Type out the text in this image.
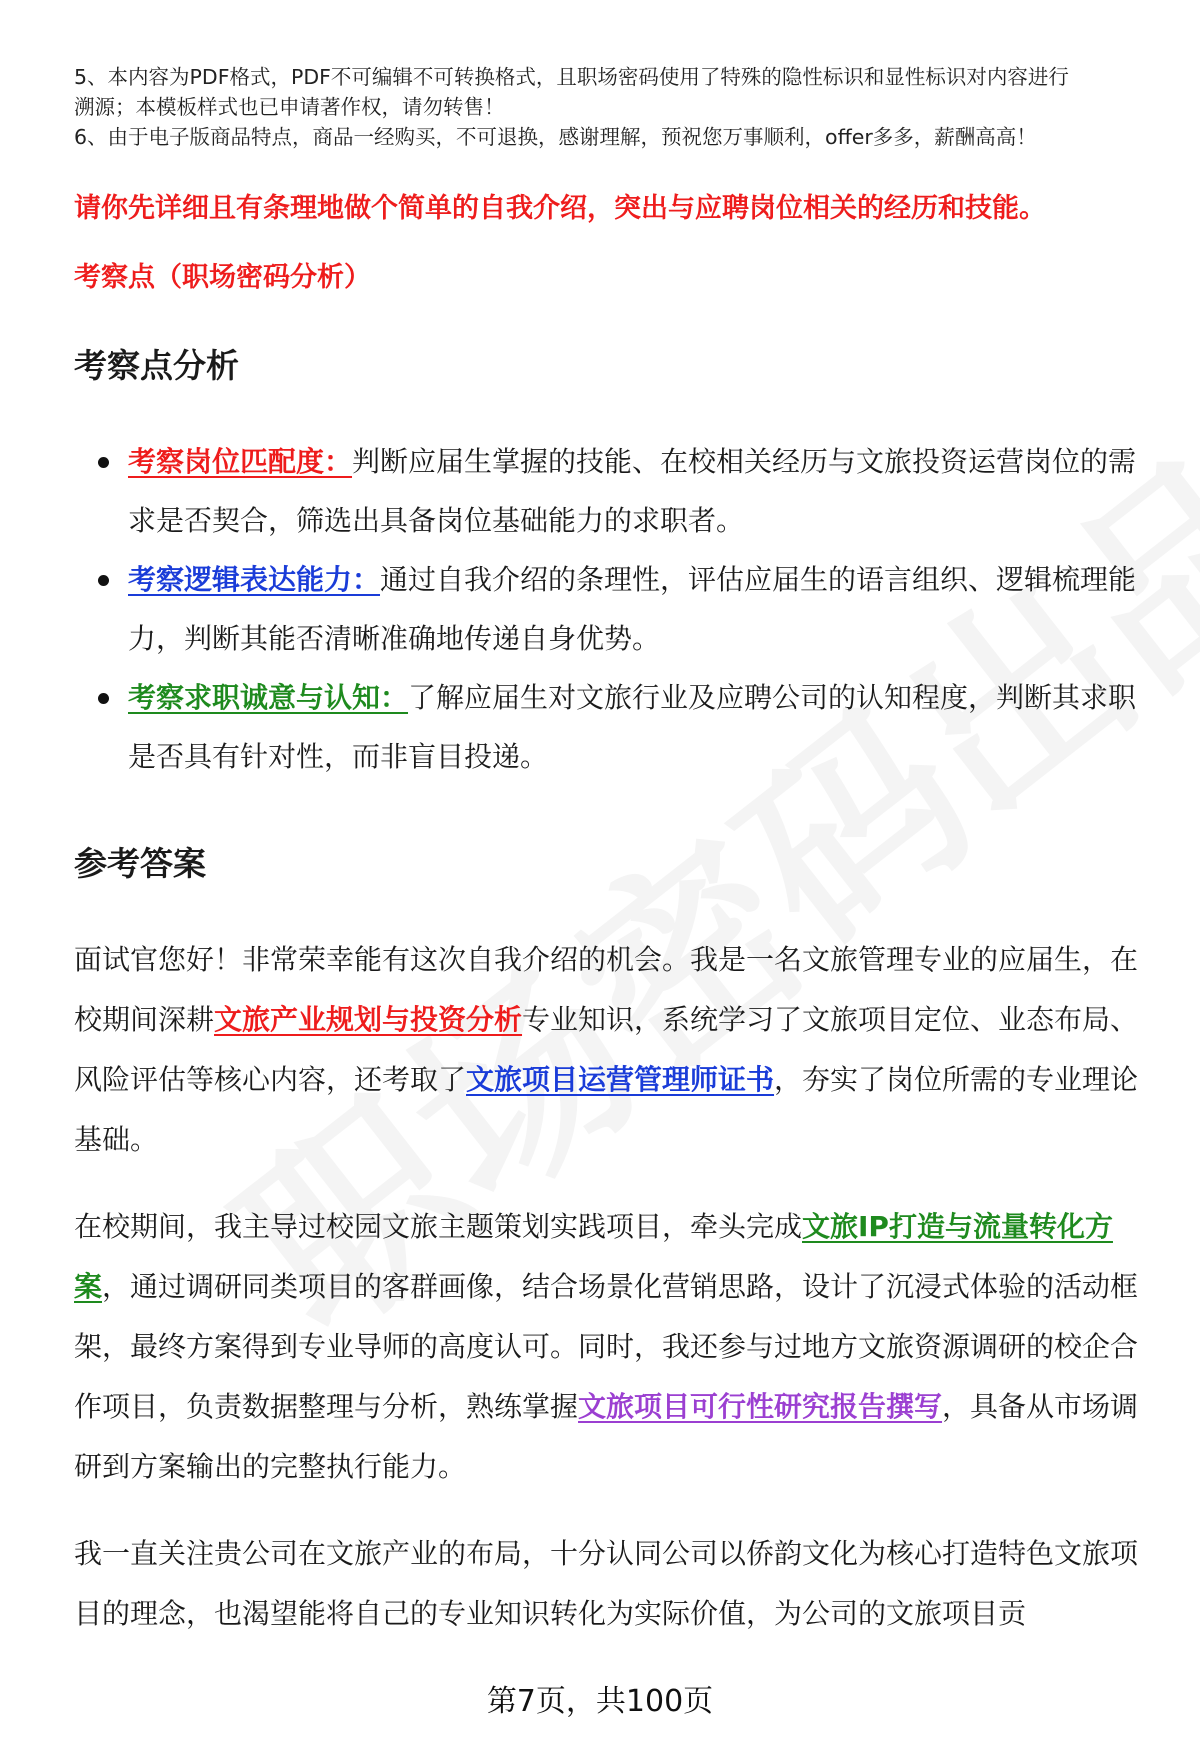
5、本内容为PDF格式，PDF不可编辑不可转换格式，且职场密码使用了特殊的隐性标识和显性标识对内容进行
溯源；本模板样式也已申请著作权，请勿转售！
6、由于电子版商品特点，商品一经购买，不可退换，感谢理解，预祝您万事顺利，offer多多，薪酬高高！
请你先详细且有条理地做个简单的自我介绍，突出与应聘岗位相关的经历和技能。
考察点（职场密码分析）
考察点分析
考察岗位匹配度：判断应届生掌握的技能、在校相关经历与文旅投资运营岗位的需求是否契合，筛选出具备岗位基础能力的求职者。
考察逻辑表达能力：通过自我介绍的条理性，评估应届生的语言组织、逻辑梳理能力，判断其能否清晰准确地传递自身优势。
考察求职诚意与认知：了解应届生对文旅行业及应聘公司的认知程度，判断其求职是否具有针对性，而非盲目投递。
参考答案

面试官您好！非常荣幸能有这次自我介绍的机会。我是一名文旅管理专业的应届生，在校期间深耕文旅产业规划与投资分析专业知识，系统学习了文旅项目定位、业态布局、风险评估等核心内容，还考取了文旅项目运营管理师证书，夯实了岗位所需的专业理论基础。

在校期间，我主导过校园文旅主题策划实践项目，牵头完成文旅IP打造与流量转化方案，通过调研同类项目的客群画像，结合场景化营销思路，设计了沉浸式体验的活动框架，最终方案得到专业导师的高度认可。同时，我还参与过地方文旅资源调研的校企合作项目，负责数据整理与分析，熟练掌握文旅项目可行性研究报告撰写，具备从市场调研到方案输出的完整执行能力。

我一直关注贵公司在文旅产业的布局，十分认同公司以侨韵文化为核心打造特色文旅项目的理念，也渴望能将自己的专业知识转化为实际价值，为公司的文旅项目贡

第7页，共100页
